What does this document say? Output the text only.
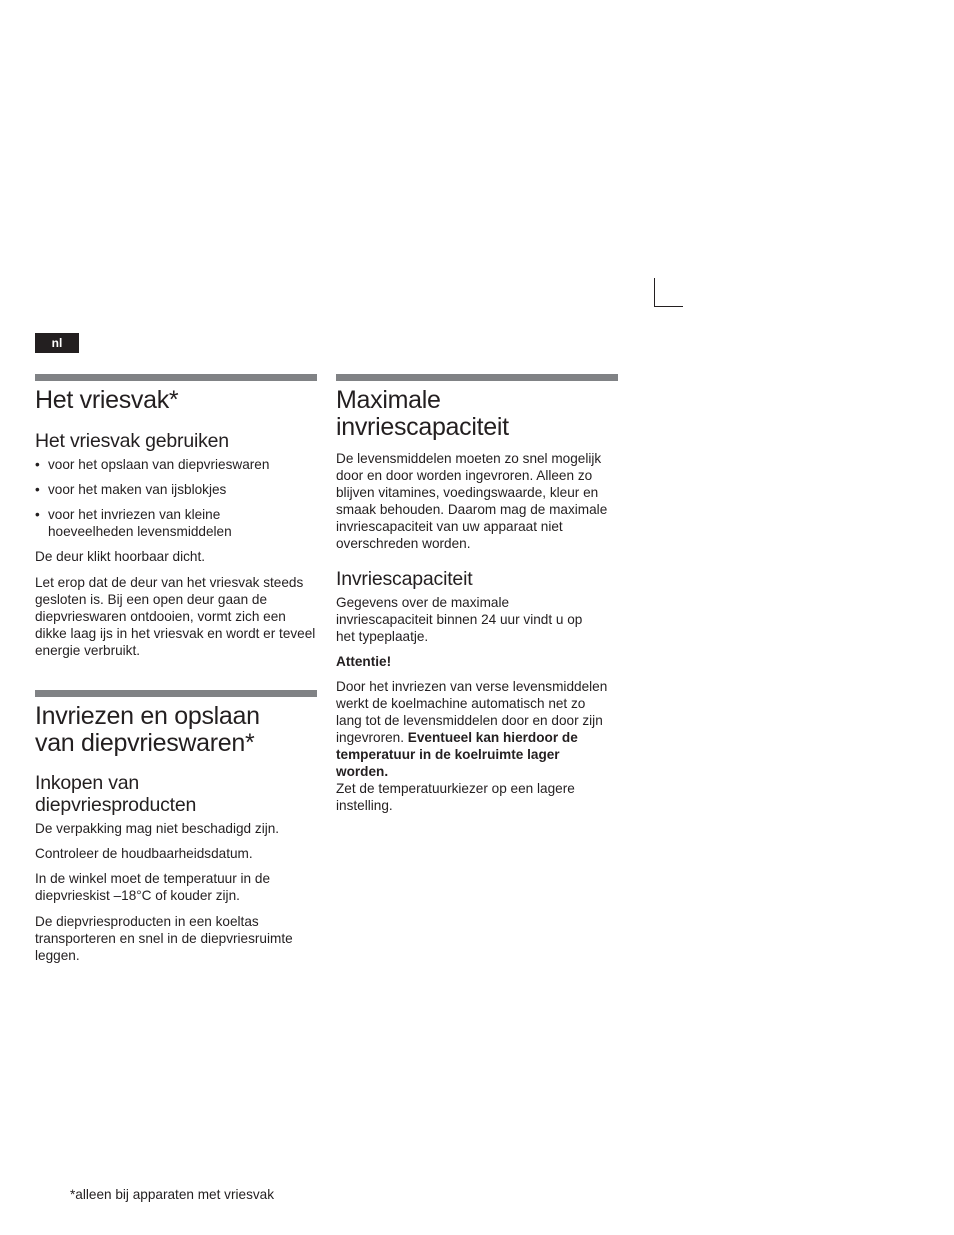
nl
Het vriesvak*
Het vriesvak gebruiken
• voor het opslaan van diepvrieswaren
• voor het maken van ijsblokjes
• voor het invriezen van kleine hoeveelheden levensmiddelen

De deur klikt hoorbaar dicht.

Let erop dat de deur van het vriesvak steeds gesloten is. Bij een open deur gaan de diepvrieswaren ontdooien, vormt zich een dikke laag ijs in het vriesvak en wordt er teveel energie verbruikt.

Invriezen en opslaan van diepvrieswaren*
Inkopen van diepvriesproducten

De verpakking mag niet beschadigd zijn.

Controleer de houdbaarheidsdatum.

In de winkel moet de temperatuur in de diepvrieskist –18°C of kouder zijn.

De diepvriesproducten in een koeltas transporteren en snel in de diepvriesruimte leggen.

Maximale invriescapaciteit

De levensmiddelen moeten zo snel mogelijk door en door worden ingevroren. Alleen zo blijven vitamines, voedingswaarde, kleur en smaak behouden. Daarom mag de maximale invriescapaciteit van uw apparaat niet overschreden worden.

Invriescapaciteit

Gegevens over de maximale invriescapaciteit binnen 24 uur vindt u op het typeplaatje.

Attentie!

Door het invriezen van verse levensmiddelen werkt de koelmachine automatisch net zo lang tot de levensmiddelen door en door zijn ingevroren. Eventueel kan hierdoor de temperatuur in de koelruimte lager worden.

Zet de temperatuurkiezer op een lagere instelling.

*alleen bij apparaten met vriesvak
